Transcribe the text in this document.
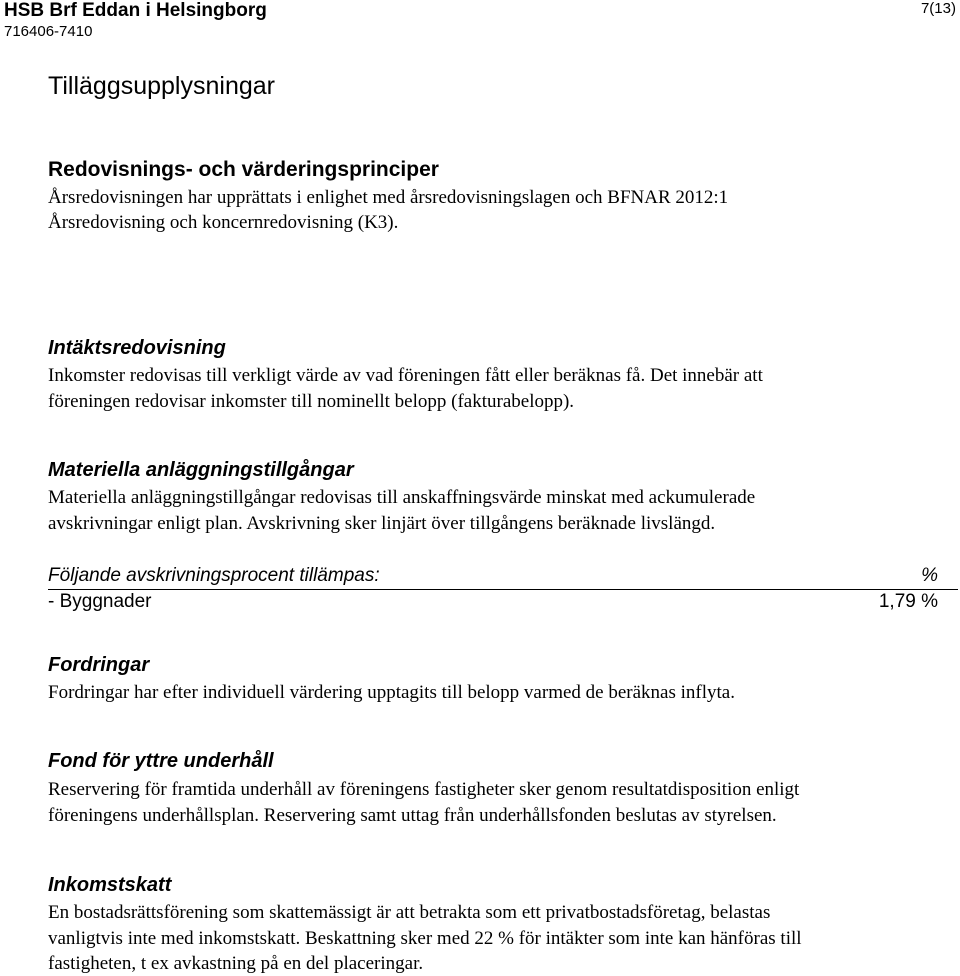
HSB Brf Eddan i Helsingborg
716406-7410
7(13)
Tilläggsupplysningar
Redovisnings- och värderingsprinciper
Årsredovisningen har upprättats i enlighet med årsredovisningslagen och BFNAR 2012:1
Årsredovisning och koncernredovisning (K3).
Intäktsredovisning
Inkomster redovisas till verkligt värde av vad föreningen fått eller beräknas få. Det innebär att
föreningen redovisar inkomster till nominellt belopp (fakturabelopp).
Materiella anläggningstillgångar
Materiella anläggningstillgångar redovisas till anskaffningsvärde minskat med ackumulerade
avskrivningar enligt plan. Avskrivning sker linjärt över tillgångens beräknade livslängd.
Följande avskrivningsprocent tillämpas:	%
- Byggnader	1,79 %
Fordringar
Fordringar har efter individuell värdering upptagits till belopp varmed de beräknas inflyta.
Fond för yttre underhåll
Reservering för framtida underhåll av föreningens fastigheter sker genom resultatdisposition enligt
föreningens underhållsplan. Reservering samt uttag från underhållsfonden beslutas av styrelsen.
Inkomstskatt
En bostadsrättsförening som skattemässigt är att betrakta som ett privatbostadsföretag, belastas
vanligtvis inte med inkomstskatt. Beskattning sker med 22 % för intäkter som inte kan hänföras till
fastigheten, t ex avkastning på en del placeringar.
